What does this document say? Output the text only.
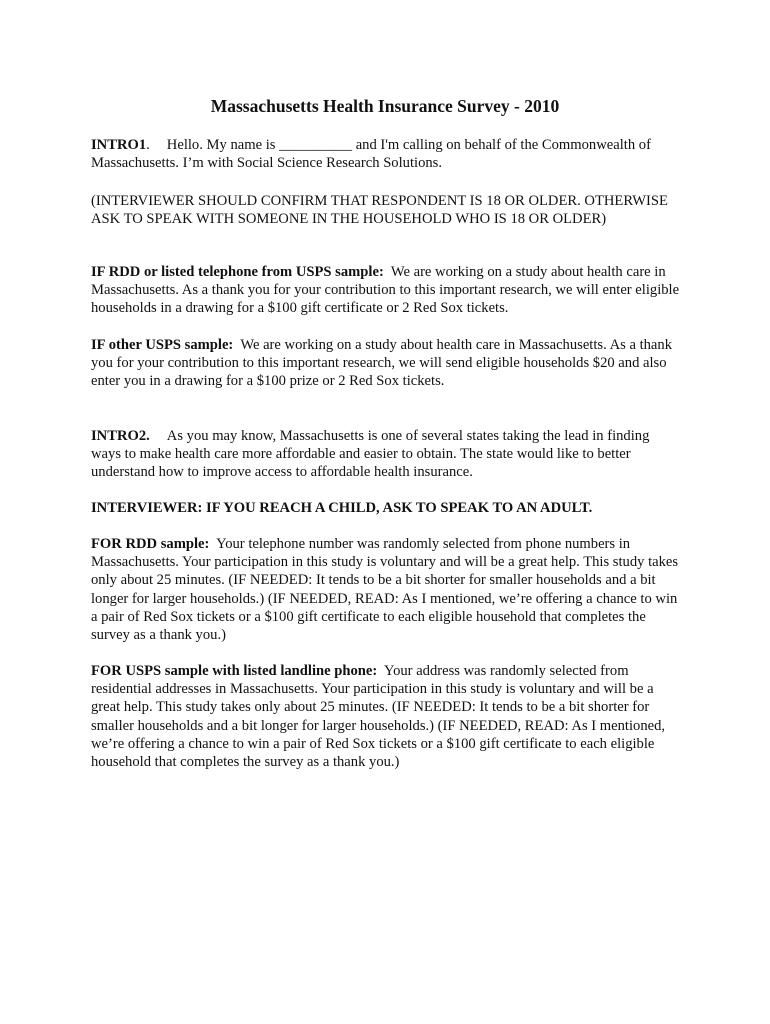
Massachusetts Health Insurance Survey - 2010

INTRO1. Hello. My name is __________ and I'm calling on behalf of the Commonwealth of Massachusetts. I’m with Social Science Research Solutions.

(INTERVIEWER SHOULD CONFIRM THAT RESPONDENT IS 18 OR OLDER. OTHERWISE ASK TO SPEAK WITH SOMEONE IN THE HOUSEHOLD WHO IS 18 OR OLDER)

IF RDD or listed telephone from USPS sample: We are working on a study about health care in Massachusetts. As a thank you for your contribution to this important research, we will enter eligible households in a drawing for a $100 gift certificate or 2 Red Sox tickets.

IF other USPS sample: We are working on a study about health care in Massachusetts. As a thank you for your contribution to this important research, we will send eligible households $20 and also enter you in a drawing for a $100 prize or 2 Red Sox tickets.

INTRO2. As you may know, Massachusetts is one of several states taking the lead in finding ways to make health care more affordable and easier to obtain. The state would like to better understand how to improve access to affordable health insurance.

INTERVIEWER: IF YOU REACH A CHILD, ASK TO SPEAK TO AN ADULT.

FOR RDD sample: Your telephone number was randomly selected from phone numbers in Massachusetts. Your participation in this study is voluntary and will be a great help. This study takes only about 25 minutes. (IF NEEDED: It tends to be a bit shorter for smaller households and a bit longer for larger households.) (IF NEEDED, READ: As I mentioned, we’re offering a chance to win a pair of Red Sox tickets or a $100 gift certificate to each eligible household that completes the survey as a thank you.)

FOR USPS sample with listed landline phone: Your address was randomly selected from residential addresses in Massachusetts. Your participation in this study is voluntary and will be a great help. This study takes only about 25 minutes. (IF NEEDED: It tends to be a bit shorter for smaller households and a bit longer for larger households.) (IF NEEDED, READ: As I mentioned, we’re offering a chance to win a pair of Red Sox tickets or a $100 gift certificate to each eligible household that completes the survey as a thank you.)
